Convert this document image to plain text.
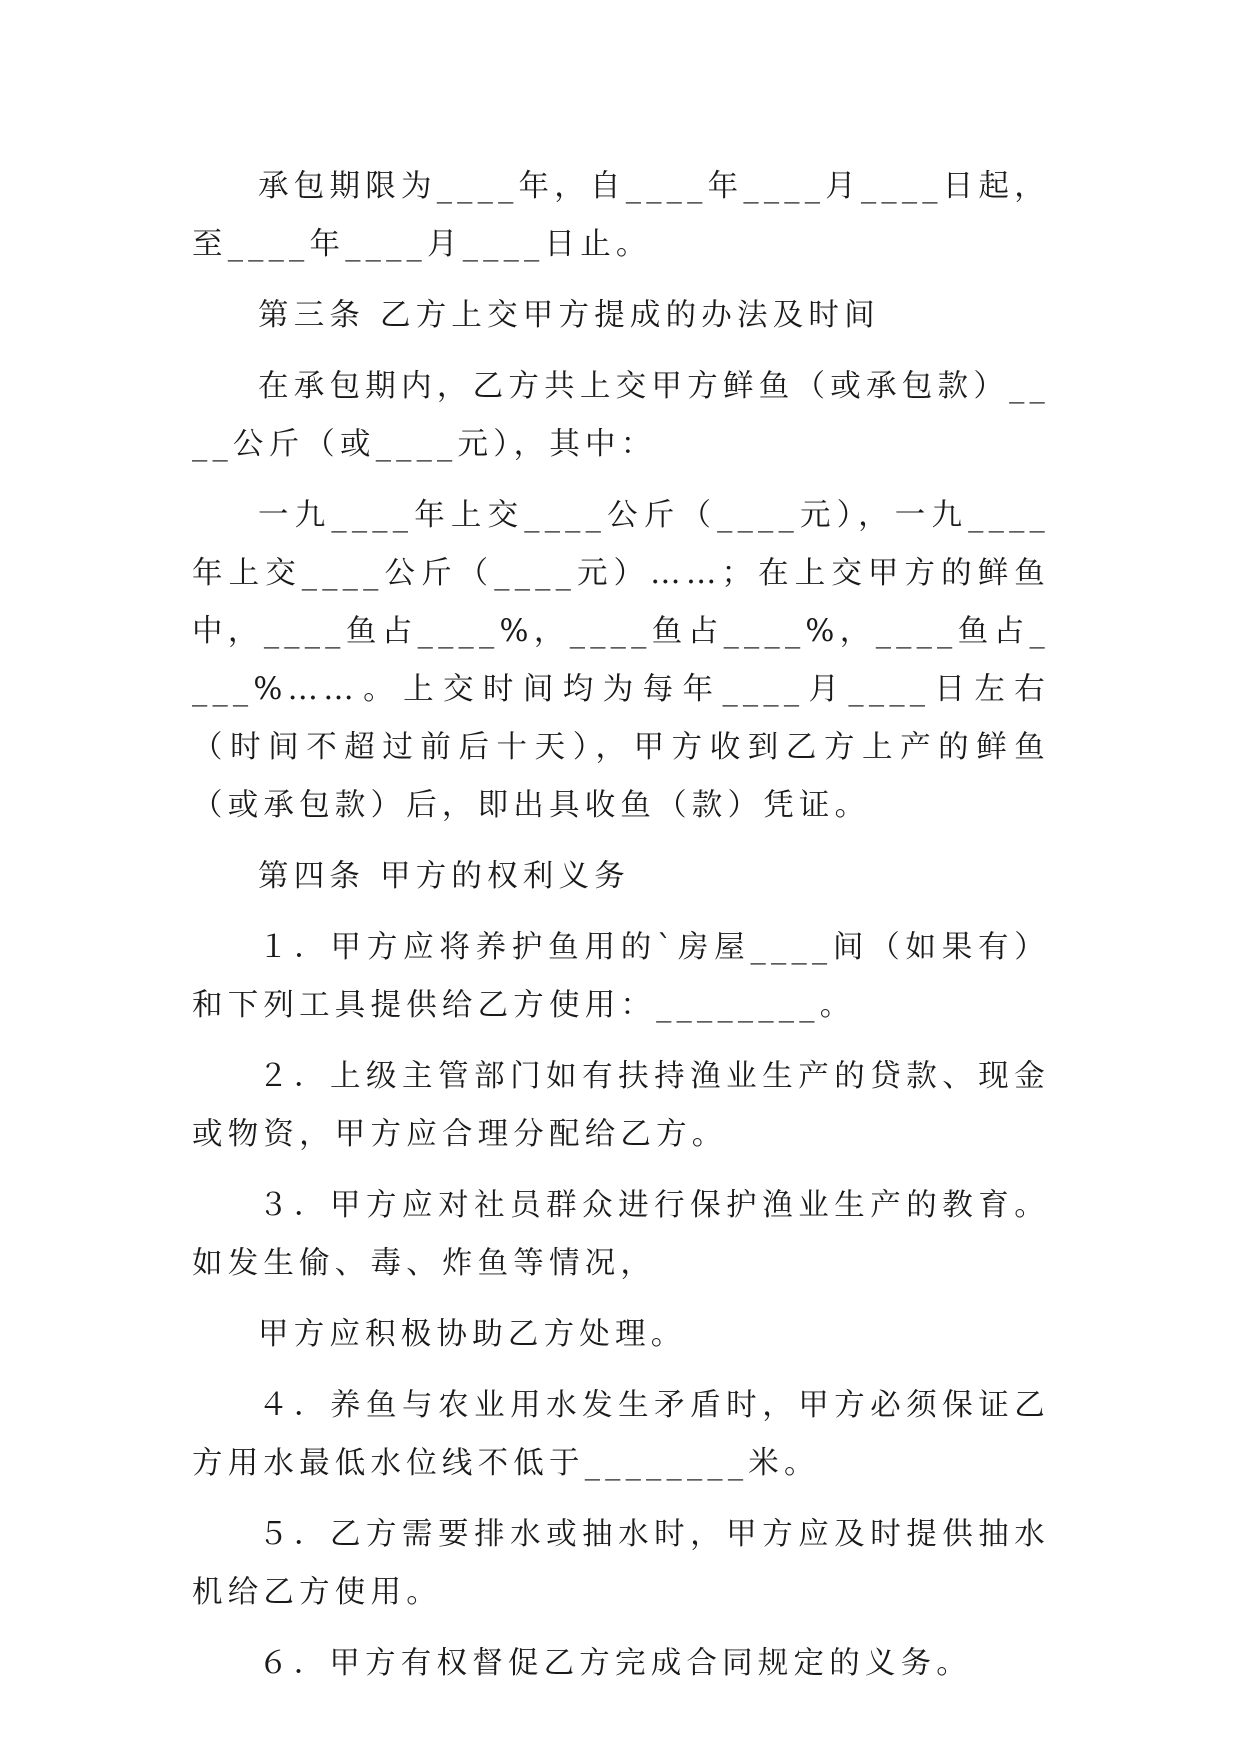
承包期限为____年，自____年____月____日起，至____年____月____日止。

第三条 乙方上交甲方提成的办法及时间

在承包期内，乙方共上交甲方鲜鱼（或承包款）____公斤（或____元），其中：

一九____年上交____公斤（____元），一九____年上交____公斤（____元）……；在上交甲方的鲜鱼中，____鱼占____%，____鱼占____%，____鱼占____%……。上交时间均为每年____月____日左右（时间不超过前后十天），甲方收到乙方上产的鲜鱼（或承包款）后，即出具收鱼（款）凭证。

第四条 甲方的权利义务

１．甲方应将养护鱼用的`房屋____间（如果有）和下列工具提供给乙方使用：________。

２．上级主管部门如有扶持渔业生产的贷款、现金或物资，甲方应合理分配给乙方。

３．甲方应对社员群众进行保护渔业生产的教育。如发生偷、毒、炸鱼等情况，

甲方应积极协助乙方处理。

４．养鱼与农业用水发生矛盾时，甲方必须保证乙方用水最低水位线不低于________米。

５．乙方需要排水或抽水时，甲方应及时提供抽水机给乙方使用。

６．甲方有权督促乙方完成合同规定的义务。
